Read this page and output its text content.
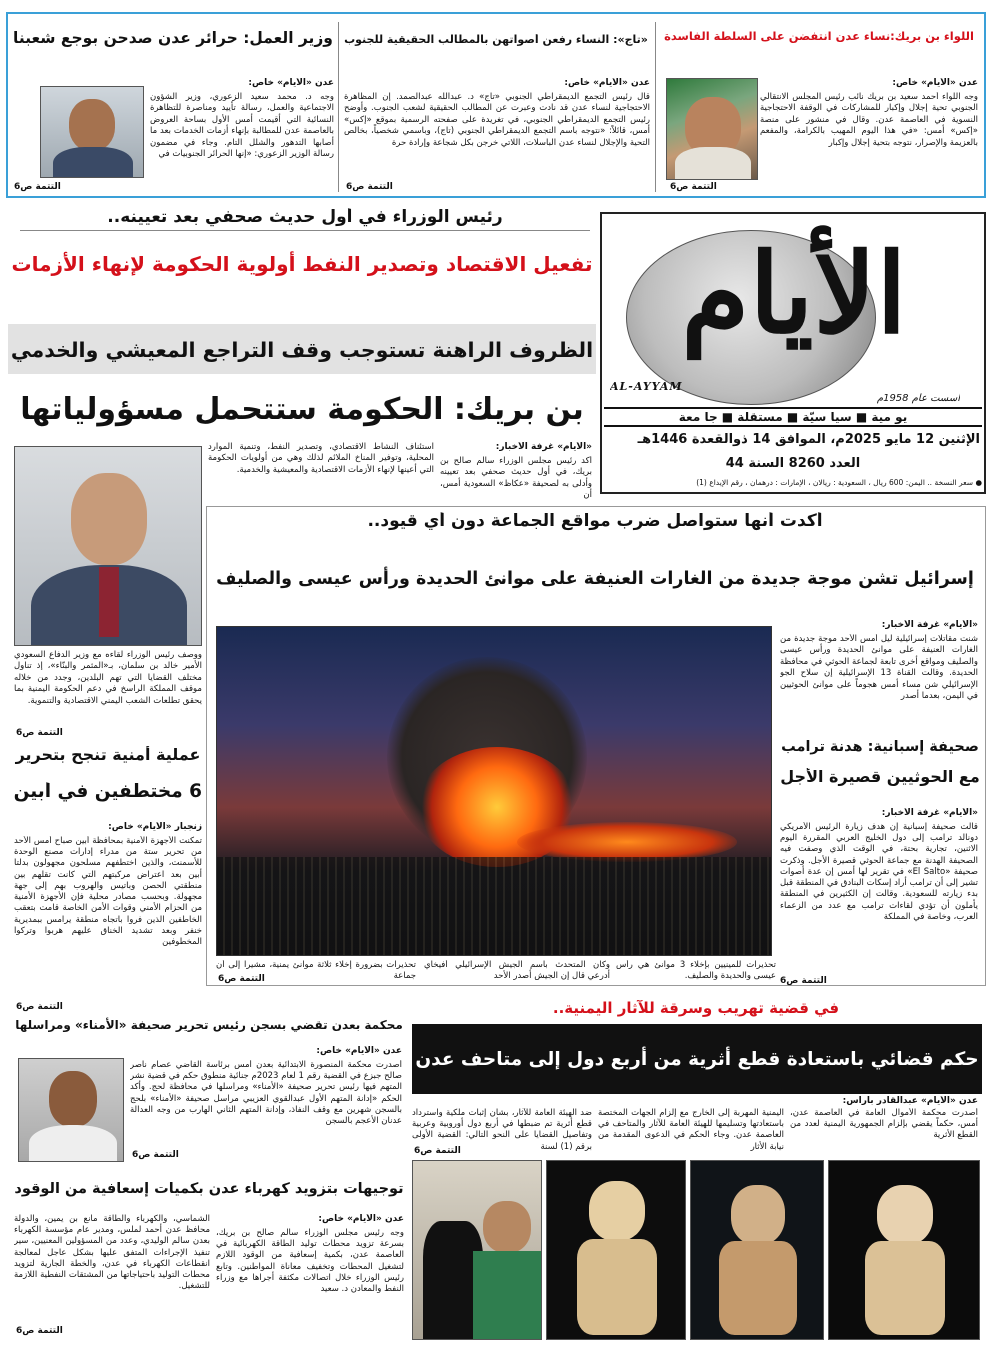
اللواء بن بريك:نساء عدن انتفضن على السلطة الفاسدة
عدن «الأيام» خاص:
وجه اللواء أحمد سعيد بن بريك نائب رئيس المجلس الانتقالي الجنوبي تحية إجلال وإكبار للمشاركات في الوقفة الاحتجاجية النسوية في العاصمة عدن. وقال في منشور على منصة «إكس» أمس: «في هذا اليوم المهيب بالكرامة، والمفعم بالعزيمة والإصرار، نتوجه بتحية إجلال وإكبار
التتمة ص6
«تاج»: النساء رفعن أصواتهن بالمطالب الحقيقية للجنوب
عدن «الأيام» خاص:
قال رئيس التجمع الديمقراطي الجنوبي «تاج» د. عبدالله عبدالصمد. إن المظاهرة الاحتجاجية لنساء عدن قد نادت وعبرت عن المطالب الحقيقية لشعب الجنوب. وأوضح رئيس التجمع الديمقراطي الجنوبي، في تغريدة على صفحته الرسمية بموقع «إكس» أمس، قائلاً: «نتوجه باسم التجمع الديمقراطي الجنوبي (تاج)، وباسمي شخصياً، بخالص التحية والإجلال لنساء عدن الباسلات، اللاتي خرجن بكل شجاعة وإرادة حرة
التتمة ص6
وزير العمل: حرائر عدن صدحن بوجع شعبنا
عدن «الأيام» خاص:
وجه د. محمد سعيد الزعوري، وزير الشؤون الاجتماعية والعمل، رسالة تأييد ومناصرة للتظاهرة النسائية التي أقيمت أمس الأول بساحة العروض بالعاصمة عدن للمطالبة بإنهاء أزمات الخدمات بعد ما أصابها التدهور والشلل التام. وجاء في مضمون رسالة الوزير الزعوري: «إنها الحرائر الجنوبيات في
التتمة ص6
الأيام
AL-AYYAM
أسست عام 1958م
يو مية ■ سيا سيّة ■ مستقلة ■ جا معة
الإثنين 12 مايو 2025م، الموافق 14 ذوالقعدة 1446هـ
العدد 8260 السنة 44
● سعر النسخة .. اليمن: 600 ريال ، السعودية : ريالان ، الإمارات : درهمان ، رقم الإيداع (1)
رئيس الوزراء في أول حديث صحفي بعد تعيينه..
تفعيل الاقتصاد وتصدير النفط أولوية الحكومة لإنهاء الأزمات
الظروف الراهنة تستوجب وقف التراجع المعيشي والخدمي
بن بريك: الحكومة ستتحمل مسؤولياتها
«الأيام» غرفة الأخبار:
أكد رئيس مجلس الوزراء سالم صالح بن بريك، في أول حديث صحفي بعد تعيينه وأدلى به لصحيفة «عكاظ» السعودية أمس، أن
استئناف النشاط الاقتصادي، وتصدير النفط، وتنمية الموارد المحلية، وتوفير المناخ الملائم لذلك وهي من أولويات الحكومة التي أعينها لإنهاء الأزمات الاقتصادية والمعيشية والخدمية.
ووصف رئيس الوزراء لقاءه مع وزير الدفاع السعودي الأمير خالد بن سلمان، بـ«المثمر والبنّاء»، إذ تناول مختلف القضايا التي تهم البلدين، وجدد من خلاله موقف المملكة الراسخ في دعم الحكومة اليمنية بما يحقق تطلعات الشعب اليمني الاقتصادية والتنموية.
التتمة ص6
أكدت أنها ستواصل ضرب مواقع الجماعة دون أي قيود..
إسرائيل تشن موجة جديدة من الغارات العنيفة على موانئ الحديدة ورأس عيسى والصليف
«الأيام» غرفة الأخبار:
شنت مقاتلات إسرائيلية ليل أمس الأحد موجة جديدة من الغارات العنيفة على موانئ الحديدة ورأس عيسى والصليف ومواقع أخرى تابعة لجماعة الحوثي في محافظة الحديدة. وقالت القناة 13 الإسرائيلية إن سلاح الجو الإسرائيلي شن مساء أمس هجوماً على موانئ الحوثيين في اليمن، بعدما أصدر
تحذيرات للمينيين بإخلاء 3 موانئ هي رأس عيسى والحديدة والصليف.
وكان المتحدث باسم الجيش الإسرائيلي أفيخاي أدرعي قال إن الجيش أصدر الأحد
تحذيرات بضرورة إخلاء ثلاثة موانئ يمنية، مشيراً إلى أن جماعة
التتمة ص6
صحيفة إسبانية: هدنة ترامب
مع الحوثيين قصيرة الأجل
«الأيام» غرفة الأخبار:
قالت صحيفة إسبانية إن هدف زيارة الرئيس الأمريكي دونالد ترامب إلى دول الخليج العربي المقررة اليوم الاثنين، تجارية بحتة، في الوقت الذي وصفت فيه الصحيفة الهدنة مع جماعة الحوثي قصيرة الأجل. وذكرت صحيفة «El Salto» في تقرير لها أمس إن عدة أصوات تشير إلى أن ترامب أراد إسكات البنادق في المنطقة قبل بدء زيارته للسعودية. وقالت إن الكثيرين في المنطقة يأملون أن تؤدي لقاءات ترامب مع عدد من الزعماء العرب، وخاصة في المملكة
التتمة ص6
عملية أمنية تنجح بتحرير
6 مختطفين في أبين
زنجبار «الأيام» خاص:
تمكنت الأجهزة الأمنية بمحافظة أبين صباح أمس الأحد من تحرير ستة من مدراء إدارات مصنع الوحدة للأسمنت، والذين اختطفهم مسلحون مجهولون بدلتا أبين بعد اعتراض مركبتهم التي كانت تقلهم بين منطقتي الحصن وباتيس والهروب بهم إلى جهة مجهولة. وبحسب مصادر محلية فإن الأجهزة الأمنية من الحزام الأمني وقوات الأمن الخاصة قامت بتعقب الخاطفين الذين فروا باتجاه منطقة يرامس ببمديرية خنفر وبعد تشديد الخناق عليهم هربوا وتركوا المخطوفين
التتمة ص6	في قضية تهريب وسرقة للآثار اليمنية..
حكم قضائي باستعادة قطع أثرية من أربع دول إلى متاحف عدن
عدن «الأيام» عبدالقادر باراس:
أصدرت محكمة الأموال العامة في العاصمة عدن، أمس، حكماً يقضي بإلزام الجمهورية اليمنية لعدد من القطع الأثرية
اليمنية المهربة إلى الخارج مع إلزام الجهات المختصة باستعادتها وتسليمها للهيئة العامة للآثار والمتاحف في العاصمة عدن. وجاء الحكم في الدعوى المقدمة من نيابة الأثار
ضد الهيئة العامة للآثار، بشأن إثبات ملكية واسترداد قطع أثرية تم ضبطها في أربع دول أوروبية وعربية وتفاصيل القضايا على النحو التالي: القضية الأولى برقم (1) لسنة
التتمة ص6
محكمة بعدن تقضي بسجن رئيس تحرير صحيفة «الأمناء» ومراسلها
عدن «الأيام» خاص:
أصدرت محكمة المنصورة الابتدائية بعدن أمس برئاسة القاضي عصام ناصر صالح جبزع في القضية رقم 1 لعام 2023م جنائية منطوق حكم في قضية نشر المتهم فيها رئيس تحرير صحيفة «الأمناء» ومراسلها في محافظة لحج. وأكد الحكم «إدانة المتهم الأول عبدالقوي العزيبي مراسل صحيفة «الأمناء» بلحج بالسجن شهرين مع وقف النفاذ، وإدانة المتهم الثاني الهارب من وجه العدالة عدنان الأعجم بالسجن
التتمة ص6
توجيهات بتزويد كهرباء عدن بكميات إسعافية من الوقود
عدن «الأيام» خاص:
وجه رئيس مجلس الوزراء سالم صالح بن بريك، بسرعة تزويد محطات توليد الطاقة الكهربائية في العاصمة عدن، بكمية إسعافية من الوقود اللازم لتشغيل المحطات وتخفيف معاناة المواطنين. وتابع رئيس الوزراء خلال اتصالات مكثفة أجراها مع وزراء النفط والمعادن د. سعيد
الشماسي، والكهرباء والطاقة مانع بن يمين، والدولة محافظ عدن أحمد لملس، ومدير عام مؤسسة الكهرباء بعدن سالم الوليدي، وعدد من المسؤولين المعنيين، سير تنفيذ الإجراءات المتفق عليها بشكل عاجل لمعالجة انقطاعات الكهرباء في عدن، والخطة الجارية لتزويد محطات التوليد باحتياجاتها من المشتقات النفطية اللازمة للتشغيل.
التتمة ص6
